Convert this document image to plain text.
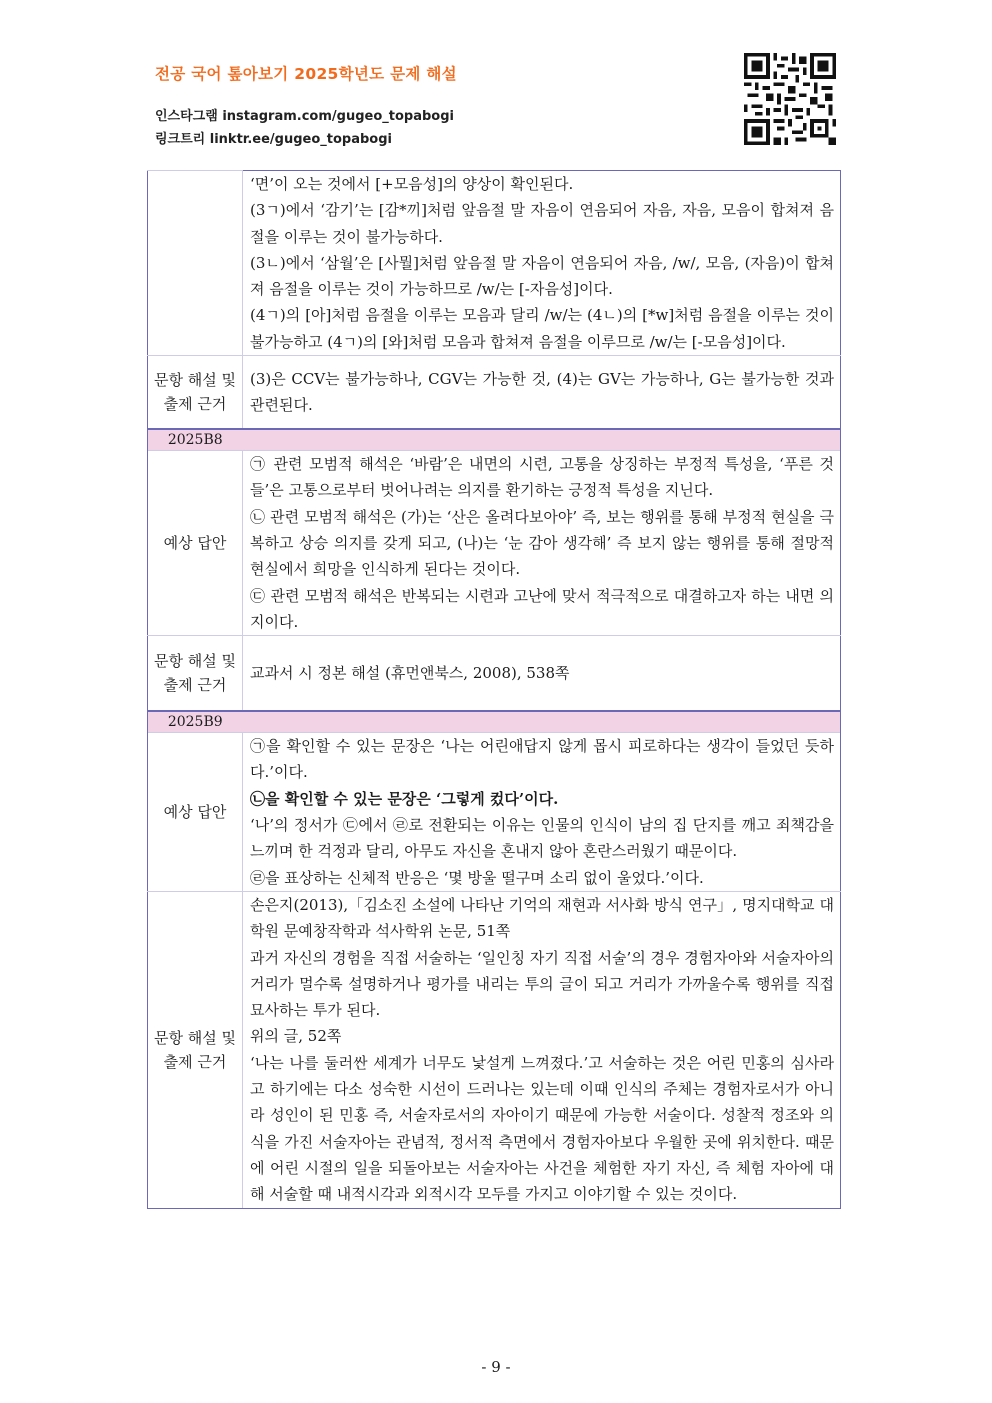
전공 국어 톺아보기 2025학년도 문제 해설
인스타그램 instagram.com/gugeo_topabogi
링크트리 linktr.ee/gugeo_topabogi

	‘면’이 오는 것에서 [+모음성]의 양상이 확인된다.

(3ㄱ)에서 ‘감기’는 [감*끼]처럼 앞음절 말 자음이 연음되어 자음, 자음, 모음이 합쳐져 음절을 이루는 것이 불가능하다.

(3ㄴ)에서 ‘삼월’은 [사뭘]처럼 앞음절 말 자음이 연음되어 자음, /w/, 모음, (자음)이 합쳐져 음절을 이루는 것이 가능하므로 /w/는 [-자음성]이다.

(4ㄱ)의 [아]처럼 음절을 이루는 모음과 달리 /w/는 (4ㄴ)의 [*w]처럼 음절을 이루는 것이 불가능하고 (4ㄱ)의 [와]처럼 모음과 합쳐져 음절을 이루므로 /w/는 [-모음성]이다.

문항 해설 및 출제 근거	(3)은 CCV는 불가능하나, CGV는 가능한 것, (4)는 GV는 가능하나, G는 불가능한 것과 관련된다.
2025B8	
예상 답안	㉠ 관련 모범적 해석은 ‘바람’은 내면의 시련, 고통을 상징하는 부정적 특성을, ‘푸른 것들’은 고통으로부터 벗어나려는 의지를 환기하는 긍정적 특성을 지닌다.

㉡ 관련 모범적 해석은 (가)는 ‘산은 올려다보아야’ 즉, 보는 행위를 통해 부정적 현실을 극복하고 상승 의지를 갖게 되고, (나)는 ‘눈 감아 생각해’ 즉 보지 않는 행위를 통해 절망적 현실에서 희망을 인식하게 된다는 것이다.

㉢ 관련 모범적 해석은 반복되는 시련과 고난에 맞서 적극적으로 대결하고자 하는 내면 의지이다.

문항 해설 및 출제 근거	교과서 시 정본 해설 (휴먼앤북스, 2008), 538쪽
2025B9	
예상 답안	㉠을 확인할 수 있는 문장은 ‘나는 어린애답지 않게 몹시 피로하다는 생각이 들었던 듯하다.’이다.

㉡을 확인할 수 있는 문장은 ‘그렇게 컸다’이다.

‘나’의 정서가 ㉢에서 ㉣로 전환되는 이유는 인물의 인식이 남의 집 단지를 깨고 죄책감을 느끼며 한 걱정과 달리, 아무도 자신을 혼내지 않아 혼란스러웠기 때문이다.

㉣을 표상하는 신체적 반응은 ‘몇 방울 떨구며 소리 없이 울었다.’이다.

문항 해설 및 출제 근거	손은지(2013),「김소진 소설에 나타난 기억의 재현과 서사화 방식 연구」, 명지대학교 대학원 문예창작학과 석사학위 논문, 51쪽

과거 자신의 경험을 직접 서술하는 ‘일인칭 자기 직접 서술’의 경우 경험자아와 서술자아의 거리가 멀수록 설명하거나 평가를 내리는 투의 글이 되고 거리가 가까울수록 행위를 직접 묘사하는 투가 된다.

위의 글, 52쪽

‘나는 나를 둘러싼 세계가 너무도 낯설게 느껴졌다.’고 서술하는 것은 어린 민홍의 심사라고 하기에는 다소 성숙한 시선이 드러나는 있는데 이때 인식의 주체는 경험자로서가 아니라 성인이 된 민홍 즉, 서술자로서의 자아이기 때문에 가능한 서술이다. 성찰적 정조와 의식을 가진 서술자아는 관념적, 정서적 측면에서 경험자아보다 우월한 곳에 위치한다. 때문에 어린 시절의 일을 되돌아보는 서술자아는 사건을 체험한 자기 자신, 즉 체험 자아에 대해 서술할 때 내적시각과 외적시각 모두를 가지고 이야기할 수 있는 것이다.

- 9 -
